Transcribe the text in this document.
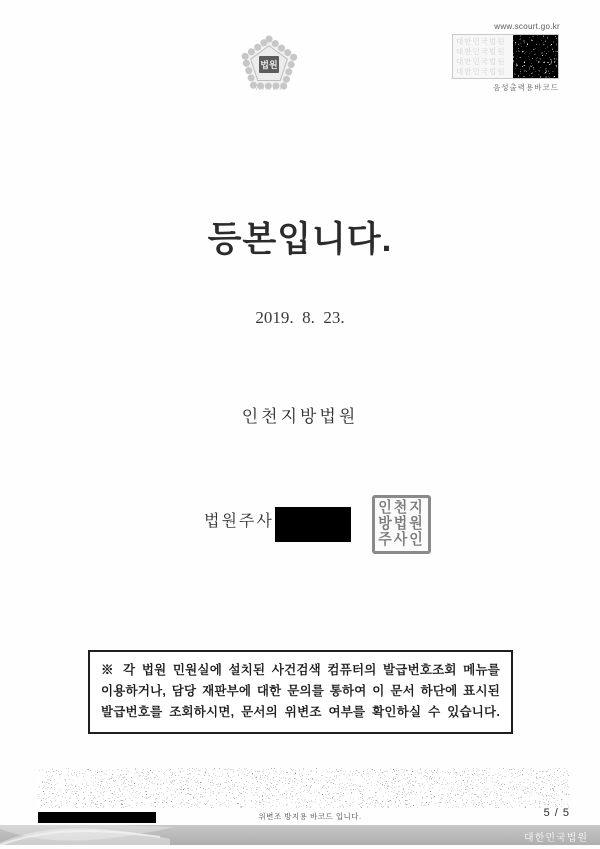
법원
www.scourt.go.kr
대한민국법원
대한민국법원
대한민국법원
대한민국법원
음성출력용바코드
등본입니다.
2019.  8.  23.
인천지방법원
법원주사
인천지
방법원
주사인
※ 각 법원 민원실에 설치된 사건검색 컴퓨터의 발급번호조회 메뉴를 이용하거나, 담당 재판부에 대한 문의를 통하여 이 문서 하단에 표시된 발급번호를 조회하시면, 문서의 위변조 여부를 확인하실 수 있습니다.
위변조 방지용 바코드 입니다.	5 / 5
대한민국법원
